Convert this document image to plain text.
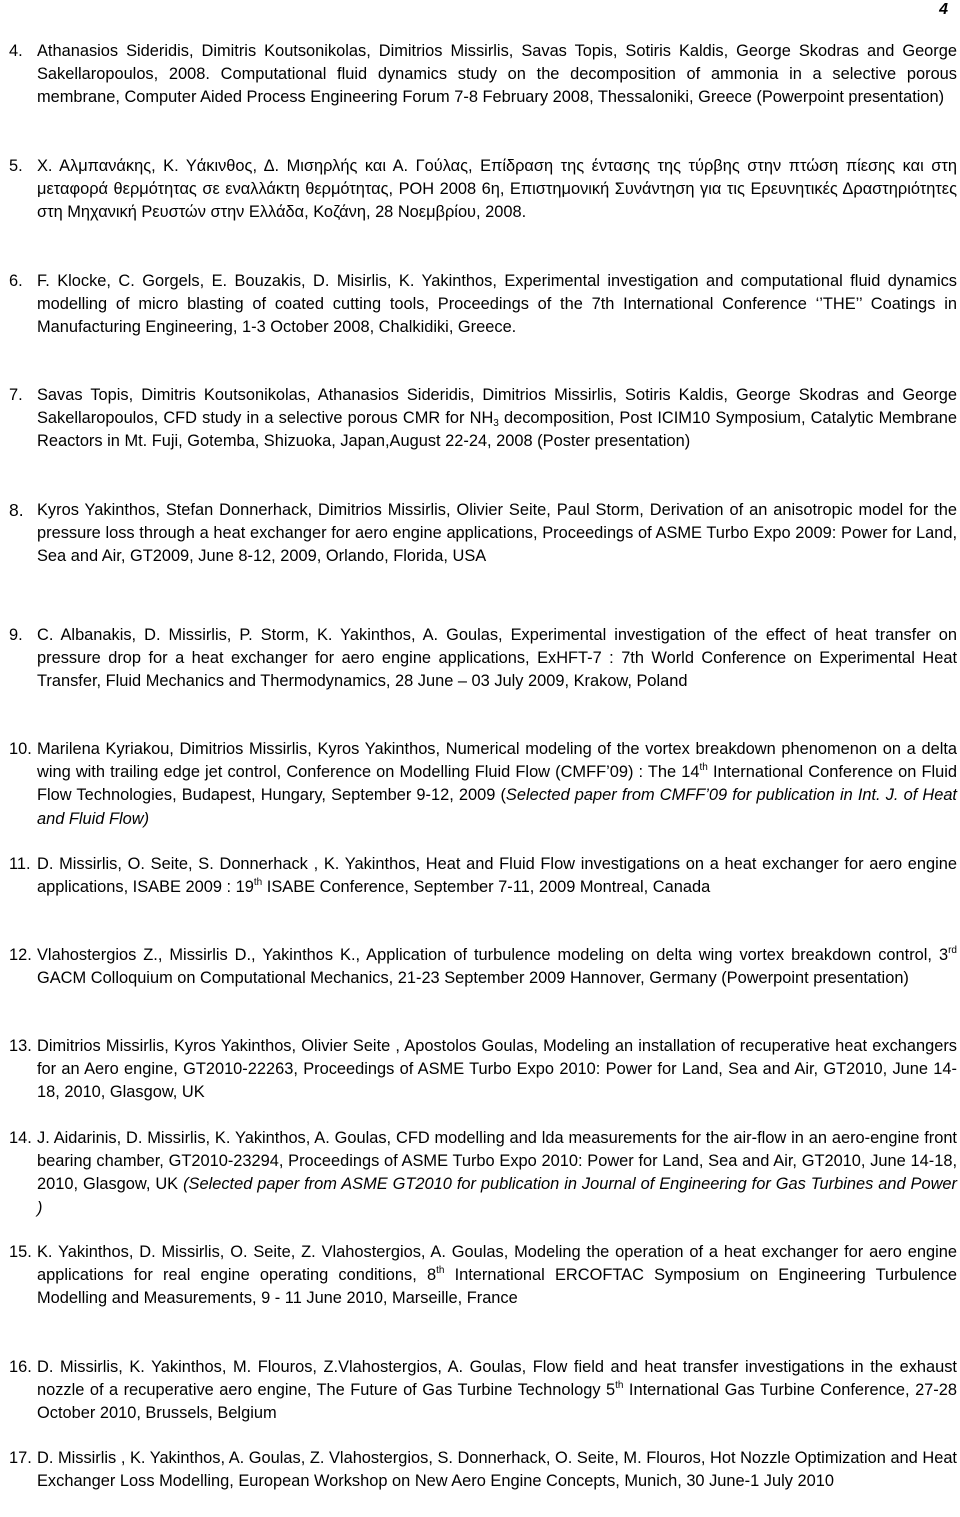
4
4. Athanasios Sideridis, Dimitris Koutsonikolas, Dimitrios Missirlis, Savas Topis, Sotiris Kaldis, George Skodras and George Sakellaropoulos, 2008. Computational fluid dynamics study on the decomposition of ammonia in a selective porous membrane, Computer Aided Process Engineering Forum 7-8 February 2008, Thessaloniki, Greece (Powerpoint presentation)
5. Χ. Αλμπανάκης, Κ. Υάκινθος, Δ. Μισηρλής και Α. Γούλας, Επίδραση της έντασης της τύρβης στην πτώση πίεσης και στη μεταφορά θερμότητας σε εναλλάκτη θερμότητας, ΡΟΗ 2008 6η, Επιστημονική Συνάντηση για τις Ερευνητικές Δραστηριότητες στη Μηχανική Ρευστών στην Ελλάδα, Κοζάνη, 28 Νοεμβρίου, 2008.
6. F. Klocke, C. Gorgels, E. Bouzakis, D. Misirlis, K. Yakinthos, Experimental investigation and computational fluid dynamics modelling of micro blasting of coated cutting tools, Proceedings of the 7th International Conference ‘’THE’’ Coatings in Manufacturing Engineering, 1-3 October 2008, Chalkidiki, Greece.
7. Savas Topis, Dimitris Koutsonikolas, Athanasios Sideridis, Dimitrios Missirlis, Sotiris Kaldis, George Skodras and George Sakellaropoulos, CFD study in a selective porous CMR for $NH_3$ decomposition, Post ICIM10 Symposium, Catalytic Membrane Reactors in Mt. Fuji, Gotemba, Shizuoka, Japan,August 22-24, 2008 (Poster presentation)
8. Kyros Yakinthos, Stefan Donnerhack, Dimitrios Missirlis, Olivier Seite, Paul Storm, Derivation of an anisotropic model for the pressure loss through a heat exchanger for aero engine applications, Proceedings of ASME Turbo Expo 2009: Power for Land, Sea and Air, GT2009, June 8-12, 2009, Orlando, Florida, USA
9. C. Albanakis, D. Missirlis, P. Storm, K. Yakinthos, A. Goulas, Experimental investigation of the effect of heat transfer on pressure drop for a heat exchanger for aero engine applications, ExHFT-7 : 7th World Conference on Experimental Heat Transfer, Fluid Mechanics and Thermodynamics, 28 June – 03 July 2009, Krakow, Poland
10. Marilena Kyriakou, Dimitrios Missirlis, Kyros Yakinthos, Numerical modeling of the vortex breakdown phenomenon on a delta wing with trailing edge jet control, Conference on Modelling Fluid Flow (CMFF’09) : The 14th International Conference on Fluid Flow Technologies, Budapest, Hungary, September 9-12, 2009 (Selected paper from CMFF’09 for publication in Int. J. of Heat and Fluid Flow)
11. D. Missirlis, O. Seite, S. Donnerhack , K. Yakinthos, Heat and Fluid Flow investigations on a heat exchanger for aero engine applications, ISABE 2009 : 19th ISABE Conference, September 7-11, 2009 Montreal, Canada
12. Vlahostergios Z., Missirlis D., Yakinthos K., Application of turbulence modeling on delta wing vortex breakdown control, 3rd GACM Colloquium on Computational Mechanics, 21-23 September 2009 Hannover, Germany (Powerpoint presentation)
13. Dimitrios Missirlis, Kyros Yakinthos, Olivier Seite , Apostolos Goulas, Modeling an installation of recuperative heat exchangers for an Aero engine, GT2010-22263, Proceedings of ASME Turbo Expo 2010: Power for Land, Sea and Air, GT2010, June 14-18, 2010, Glasgow, UK
14. J. Aidarinis, D. Missirlis, K. Yakinthos, A. Goulas, CFD modelling and lda measurements for the air-flow in an aero-engine front bearing chamber, GT2010-23294, Proceedings of ASME Turbo Expo 2010: Power for Land, Sea and Air, GT2010, June 14-18, 2010, Glasgow, UK (Selected paper from ASME GT2010 for publication in Journal of Engineering for Gas Turbines and Power )
15. K. Yakinthos, D. Missirlis, O. Seite, Z. Vlahostergios, A. Goulas, Modeling the operation of a heat exchanger for aero engine applications for real engine operating conditions, 8th International ERCOFTAC Symposium on Engineering Turbulence Modelling and Measurements, 9 - 11 June 2010, Marseille, France
16. D. Missirlis, K. Yakinthos, M. Flouros, Z.Vlahostergios, A. Goulas, Flow field and heat transfer investigations in the exhaust nozzle of a recuperative aero engine, The Future of Gas Turbine Technology 5th International Gas Turbine Conference, 27-28 October 2010, Brussels, Belgium
17. D. Missirlis , K. Yakinthos, A. Goulas, Z. Vlahostergios, S. Donnerhack, O. Seite, M. Flouros, Hot Nozzle Optimization and Heat Exchanger Loss Modelling, European Workshop on New Aero Engine Concepts, Munich, 30 June-1 July 2010
